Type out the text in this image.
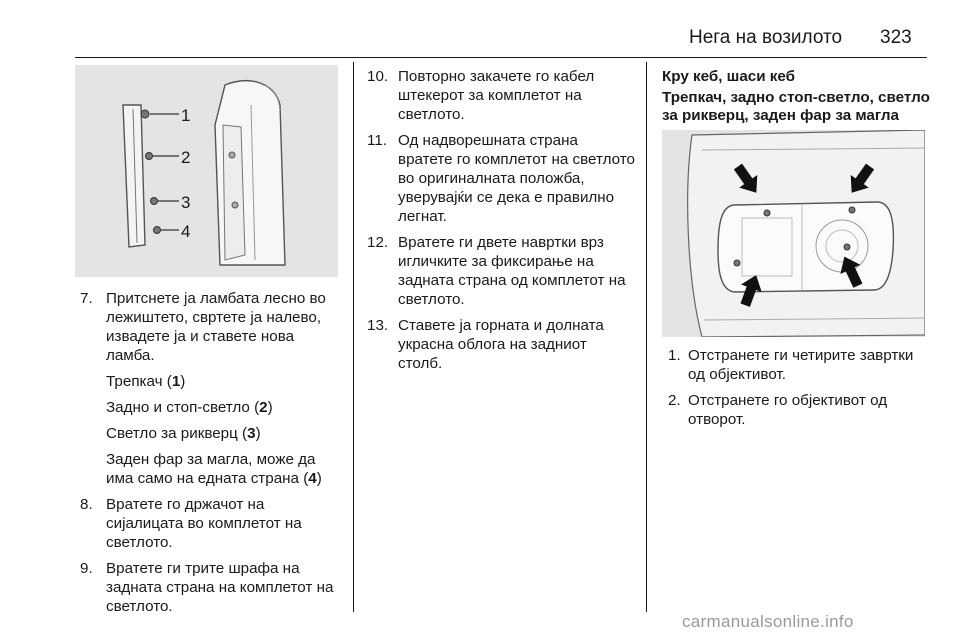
Нега на возилото 323
1
2
3
4
7. Притснете ја ламбата лесно во лежиштето, свртете ја налево, извадете ја и ставете нова ламба.

Трепкач (1)

Задно и стоп-светло (2)

Светло за рикверц (3)

Заден фар за магла, може да има само на едната страна (4)

8. Вратете го држачот на сијалицата во комплетот на светлото.
9. Вратете ги трите шрафа на задната страна на комплетот на светлото.
10. Повторно закачете го кабел штекерот за комплетот на светлото.
11. Од надворешната страна вратете го комплетот на светлото во оригиналната положба, уверувајќи се дека е правилно легнат.
12. Вратете ги двете навртки врз игличките за фиксирање на задната страна од комплетот на светлото.
13. Ставете ја горната и долната украсна облога на задниот столб.
Кру кеб, шаси кеб
Трепкач, задно стоп-светло, светло за рикверц, заден фар за магла
1. Отстранете ги четирите завртки од објективот.
2. Отстранете го објективот од отворот.
carmanualsonline.info
